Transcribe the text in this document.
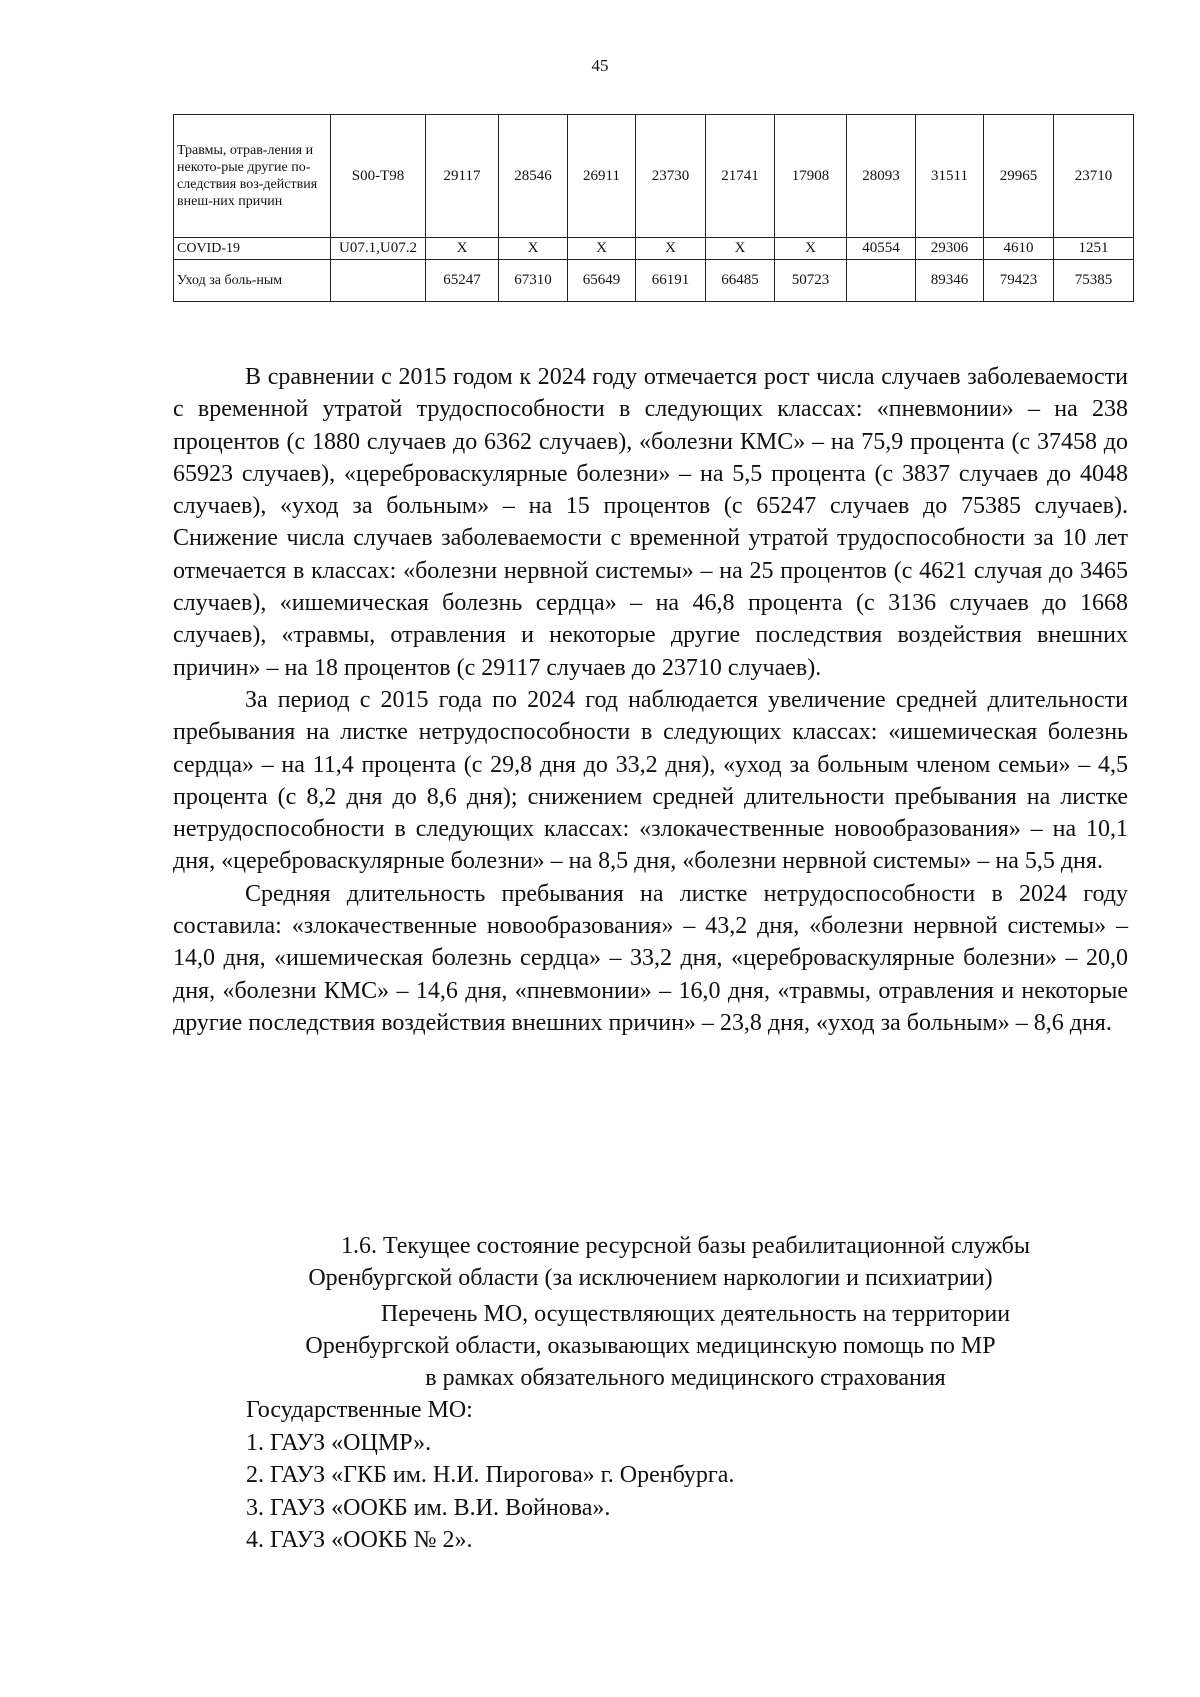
45
Травмы, отрав-ления и некото-рые другие по-следствия воз-действия внеш-них причин	S00-T98	29117	28546	26911	23730	21741	17908	28093	31511	29965	23710
COVID-19	U07.1,U07.2	X	X	X	X	X	X	40554	29306	4610	1251
Уход за боль-ным		65247	67310	65649	66191	66485	50723		89346	79423	75385

В сравнении с 2015 годом к 2024 году отмечается рост числа случаев заболеваемости с временной утратой трудоспособности в следующих классах: «пневмонии» – на 238 процентов (с 1880 случаев до 6362 случаев), «болезни КМС» – на 75,9 процента (с 37458 до 65923 случаев), «цереброваскулярные болезни» – на 5,5 процента (с 3837 случаев до 4048 случаев), «уход за больным» – на 15 процентов (с 65247 случаев до 75385 случаев). Снижение числа случаев заболеваемости с временной утратой трудоспособности за 10 лет отмечается в классах: «болезни нервной системы» – на 25 процентов (с 4621 случая до 3465 случаев), «ишемическая болезнь сердца» – на 46,8 процента (с 3136 случаев до 1668 случаев), «травмы, отравления и некоторые другие последствия воздействия внешних причин» – на 18 процентов (с 29117 случаев до 23710 случаев).

За период с 2015 года по 2024 год наблюдается увеличение средней длительности пребывания на листке нетрудоспособности в следующих классах: «ишемическая болезнь сердца» – на 11,4 процента (с 29,8 дня до 33,2 дня), «уход за больным членом семьи» – 4,5 процента (с 8,2 дня до 8,6 дня); снижением средней длительности пребывания на листке нетрудоспособности в следующих классах: «злокачественные новообразования» – на 10,1 дня, «цереброваскулярные болезни» – на 8,5 дня, «болезни нервной системы» – на 5,5 дня.

Средняя длительность пребывания на листке нетрудоспособности в 2024 году составила: «злокачественные новообразования» – 43,2 дня, «болезни нервной системы» – 14,0 дня, «ишемическая болезнь сердца» – 33,2 дня, «цереброваскулярные болезни» – 20,0 дня, «болезни КМС» – 14,6 дня, «пневмонии» – 16,0 дня, «травмы, отравления и некоторые другие последствия воздействия внешних причин» – 23,8 дня, «уход за больным» – 8,6 дня.

1.6. Текущее состояние ресурсной базы реабилитационной службы
Оренбургской области (за исключением наркологии и психиатрии)
Перечень МО, осуществляющих деятельность на территории
Оренбургской области, оказывающих медицинскую помощь по МР
в рамках обязательного медицинского страхования
Государственные МО:
1. ГАУЗ «ОЦМР».
2. ГАУЗ «ГКБ им. Н.И. Пирогова» г. Оренбурга.
3. ГАУЗ «ООКБ им. В.И. Войнова».
4. ГАУЗ «ООКБ № 2».
